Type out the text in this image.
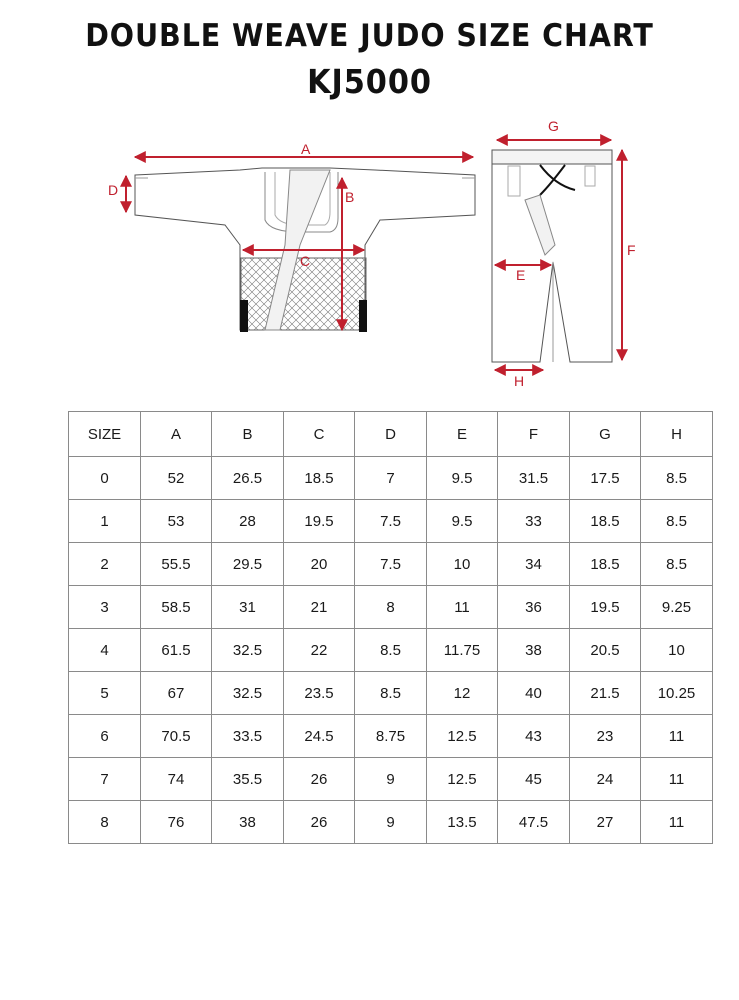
DOUBLE WEAVE JUDO SIZE CHART
KJ5000
A
D	B
C
G
F
E
H
SIZE	A	B	C	D	E	F	G	H
0	52	26.5	18.5	7	9.5	31.5	17.5	8.5
1	53	28	19.5	7.5	9.5	33	18.5	8.5
2	55.5	29.5	20	7.5	10	34	18.5	8.5
3	58.5	31	21	8	11	36	19.5	9.25
4	61.5	32.5	22	8.5	11.75	38	20.5	10
5	67	32.5	23.5	8.5	12	40	21.5	10.25
6	70.5	33.5	24.5	8.75	12.5	43	23	11
7	74	35.5	26	9	12.5	45	24	11
8	76	38	26	9	13.5	47.5	27	11
